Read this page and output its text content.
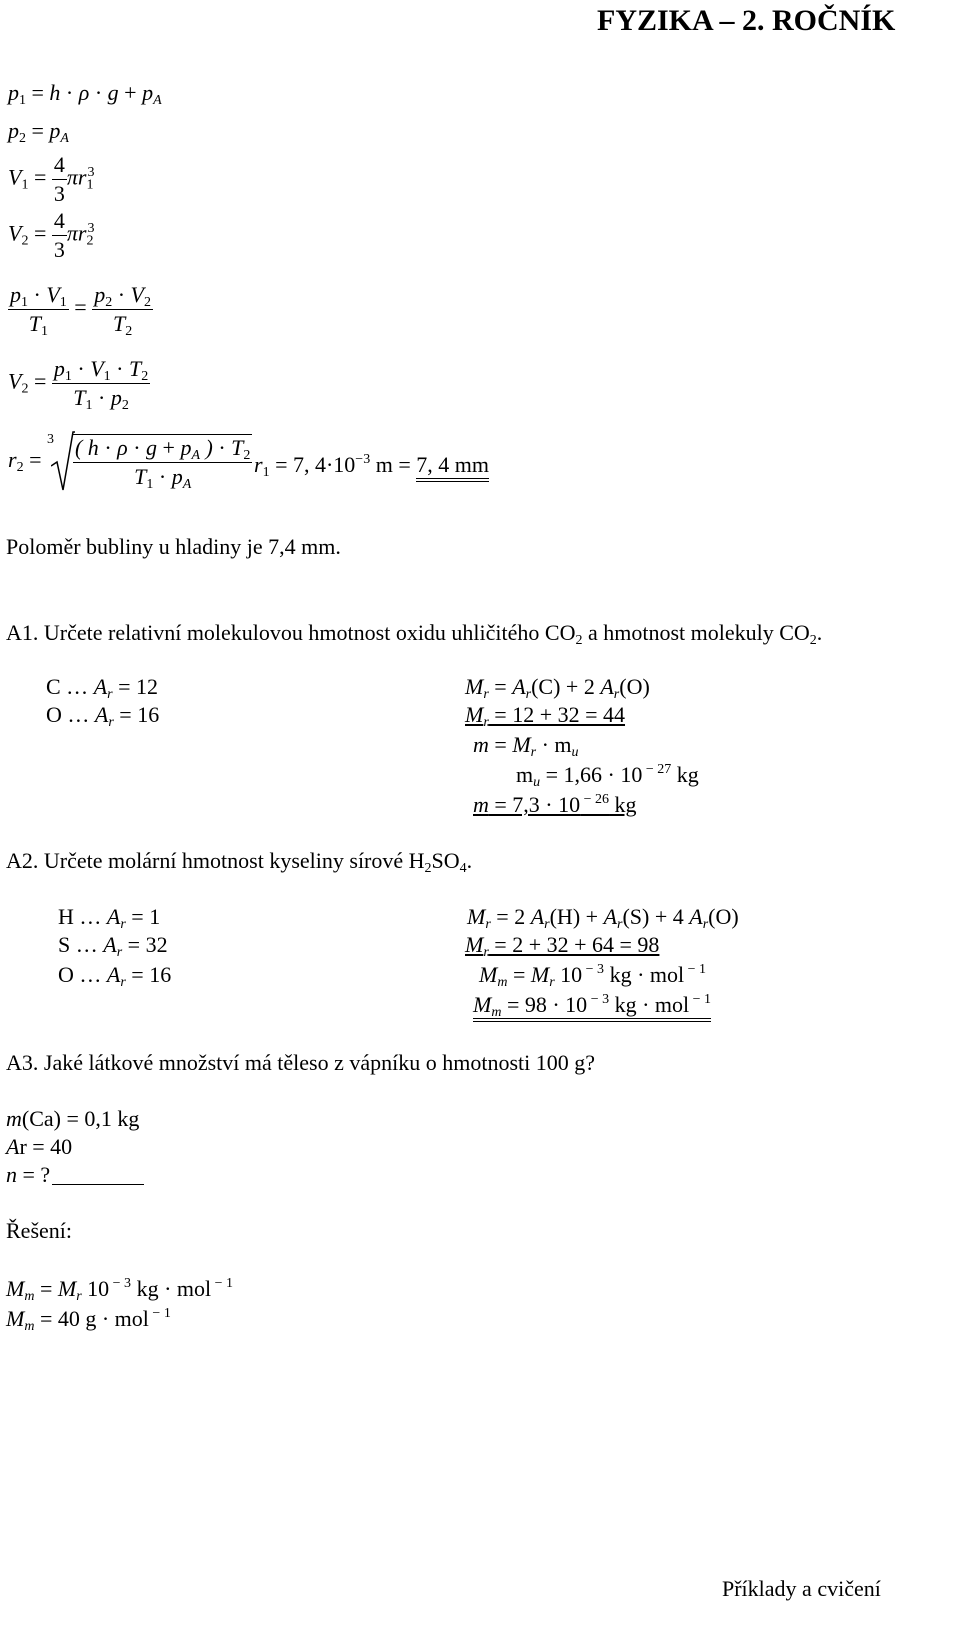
FYZIKA – 2. ROČNÍK
$p_1 = h \cdot \rho \cdot g + p_A$
$p_2 = p_A$
$V_1 = \frac{4}{3} \pi r_1^3$
$V_2 = \frac{4}{3} \pi r_2^3$
$\frac{p_1 \cdot V_1}{T_1} = \frac{p_2 \cdot V_2}{T_2}$
$V_2 = \frac{p_1 \cdot V_1 \cdot T_2}{T_1 \cdot p_2}$
$r_2$ =
$3 \frac{( h \cdot \rho \cdot g + p_A ) \cdot T_2}{T_1 \cdot p_A} r_1 = 7$, $4\cdot 10^{-3}$ m = 7, 4 mm
Poloměr bubliny u hladiny je 7,4 mm.
A1. Určete relativní molekulovou hmotnost oxidu uhličitého $CO_2$ a hmotnost molekuly $CO_2$.
C … $A_r = 12$
O … $A_r = 16$
$M_r = A_r(C) + 2$ $A_r(O)$
$M_r = 12 + 32 = 44$
$m = M_r \cdot m_u$
$m_u = 1,66 \cdot 10$ $^{- 27}$ kg
m = 7,3 · 10 $^{- 26}$ kg
A2. Určete molární hmotnost kyseliny sírové $H_2SO_4$.
H … $A_r = 1$
S … $A_r = 32$
O … $A_r = 16$
$M_r = 2$ $A_r(H) + A_r(S) + 4$ $A_r(O)$
$M_r = 2 + 32 + 64 = 98$
$M_m = M_r$ 10 $^{- 3}$ kg · mol $^{- 1}$
$M_m = 98 \cdot 10$ $^{- 3}$ kg · mol $^{- 1}$
A3. Jaké látkové množství má těleso z vápníku o hmotnosti 100 g?
m(Ca) = 0,1 kg
Ar = 40
n = ?
Řešení:
$M_m = M_r$ 10 $^{- 3}$ kg · mol $^{- 1}$
$M_m = 40$ g · mol $^{- 1}$
Příklady a cvičení
